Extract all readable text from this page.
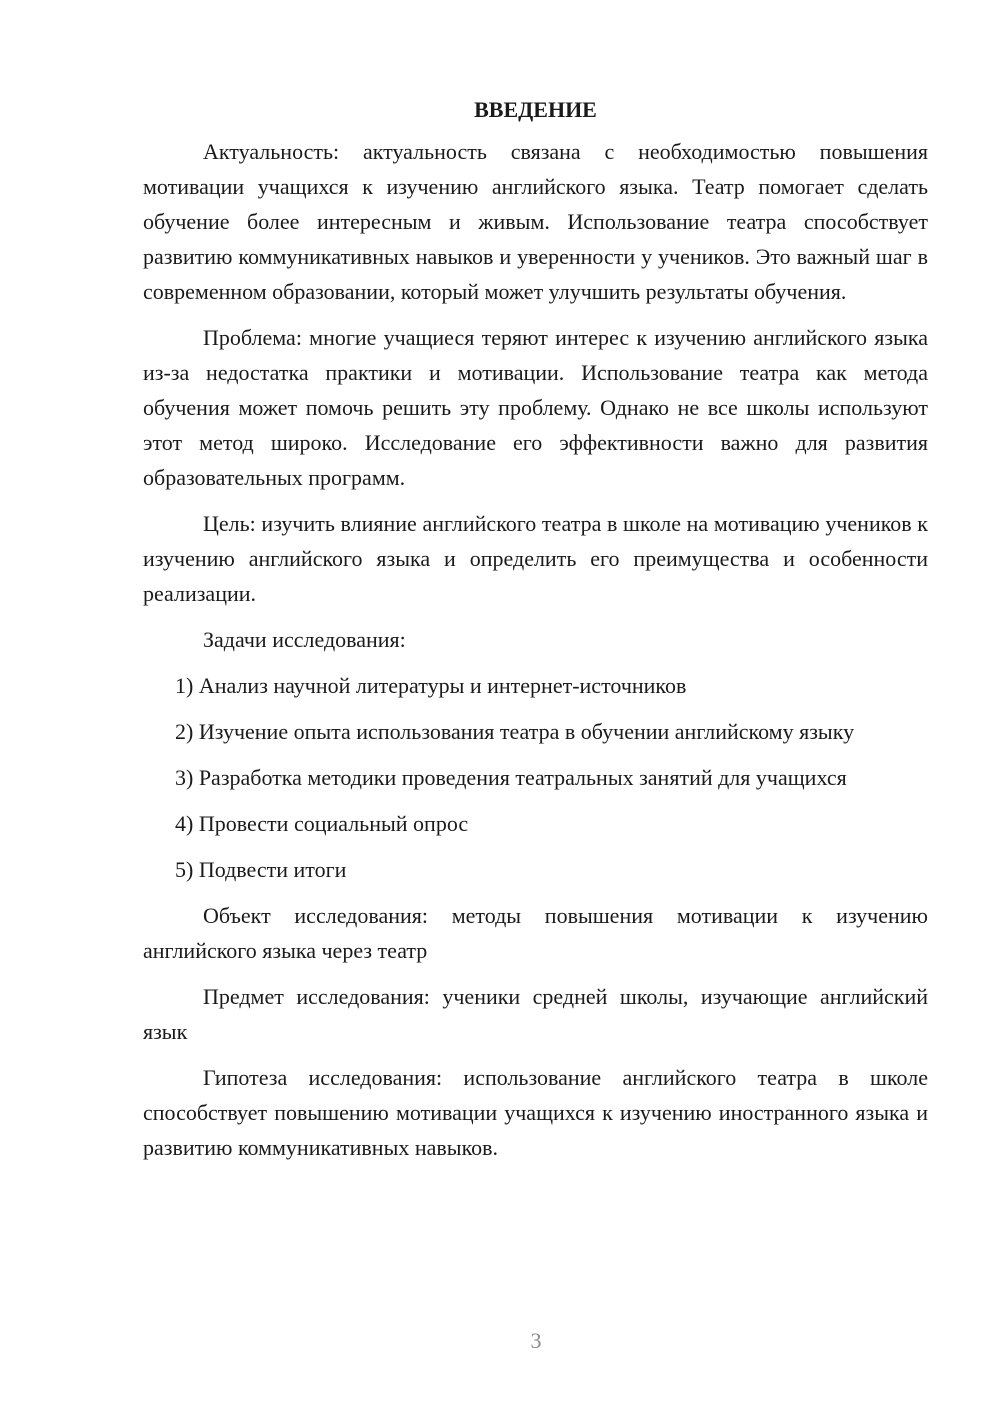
ВВЕДЕНИЕ

Актуальность: актуальность связана с необходимостью повышения мотивации учащихся к изучению английского языка. Театр помогает сделать обучение более интересным и живым. Использование театра способствует развитию коммуникативных навыков и уверенности у учеников. Это важный шаг в современном образовании, который может улучшить результаты обучения.

Проблема: многие учащиеся теряют интерес к изучению английского языка из-за недостатка практики и мотивации. Использование театра как метода обучения может помочь решить эту проблему. Однако не все школы используют этот метод широко. Исследование его эффективности важно для развития образовательных программ.

Цель: изучить влияние английского театра в школе на мотивацию учеников к изучению английского языка и определить его преимущества и особенности реализации.

Задачи исследования:

1) Анализ научной литературы и интернет-источников

2) Изучение опыта использования театра в обучении английскому языку

3) Разработка методики проведения театральных занятий для учащихся

4) Провести социальный опрос

5) Подвести итоги

Объект исследования: методы повышения мотивации к изучению английского языка через театр

Предмет исследования: ученики средней школы, изучающие английский язык

Гипотеза исследования: использование английского театра в школе способствует повышению мотивации учащихся к изучению иностранного языка и развитию коммуникативных навыков.

3
